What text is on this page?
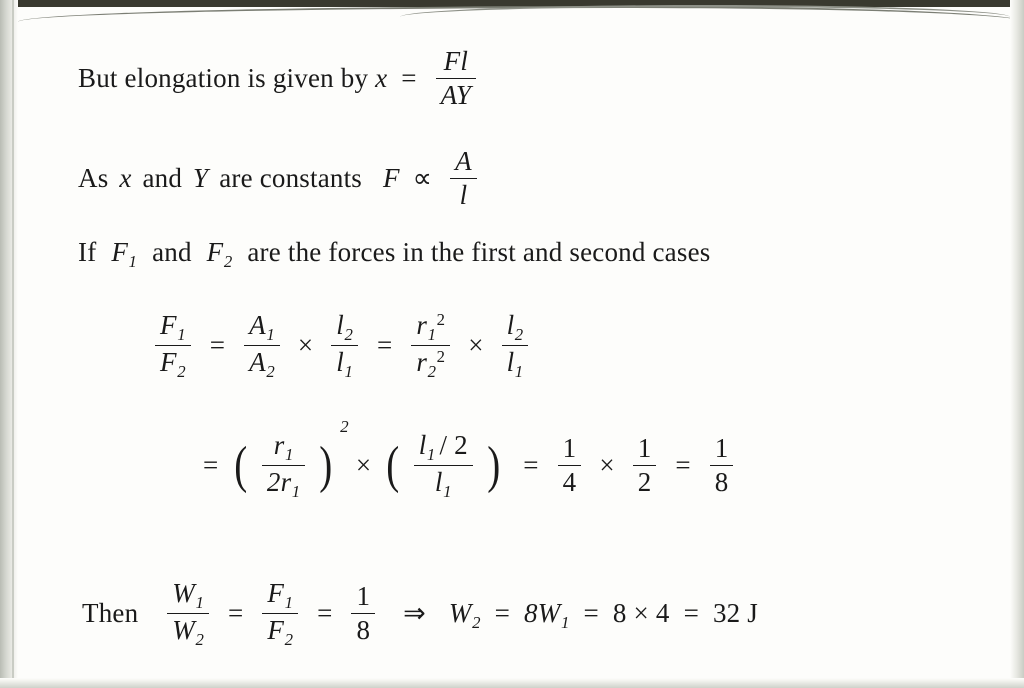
But elongation is given by $x = \frac{Fl}{AY}$
As x and Y are constants $F \propto \frac{A}{l}$
If $F_1$ and $F_2$ are the forces in the first and second cases
$\frac{F_1}{F_2} = \frac{A_1}{A_2} \times \frac{l_2}{l_1} = \frac{r_1^2}{r_2^2} \times \frac{l_2}{l_1}$
= ( $\frac{r_1}{2r_1}$ )
2
× ( $\frac{l_1 / 2}{l_1}$ ) = $\frac{1}{4} \times \frac{1}{2} = \frac{1}{8}$
Then $\frac{W_1}{W_2} = \frac{F_1}{F_2} = \frac{1}{8}$ ⇒ $W_2 = 8W_1 = 8 \times 4 = 32$ J
